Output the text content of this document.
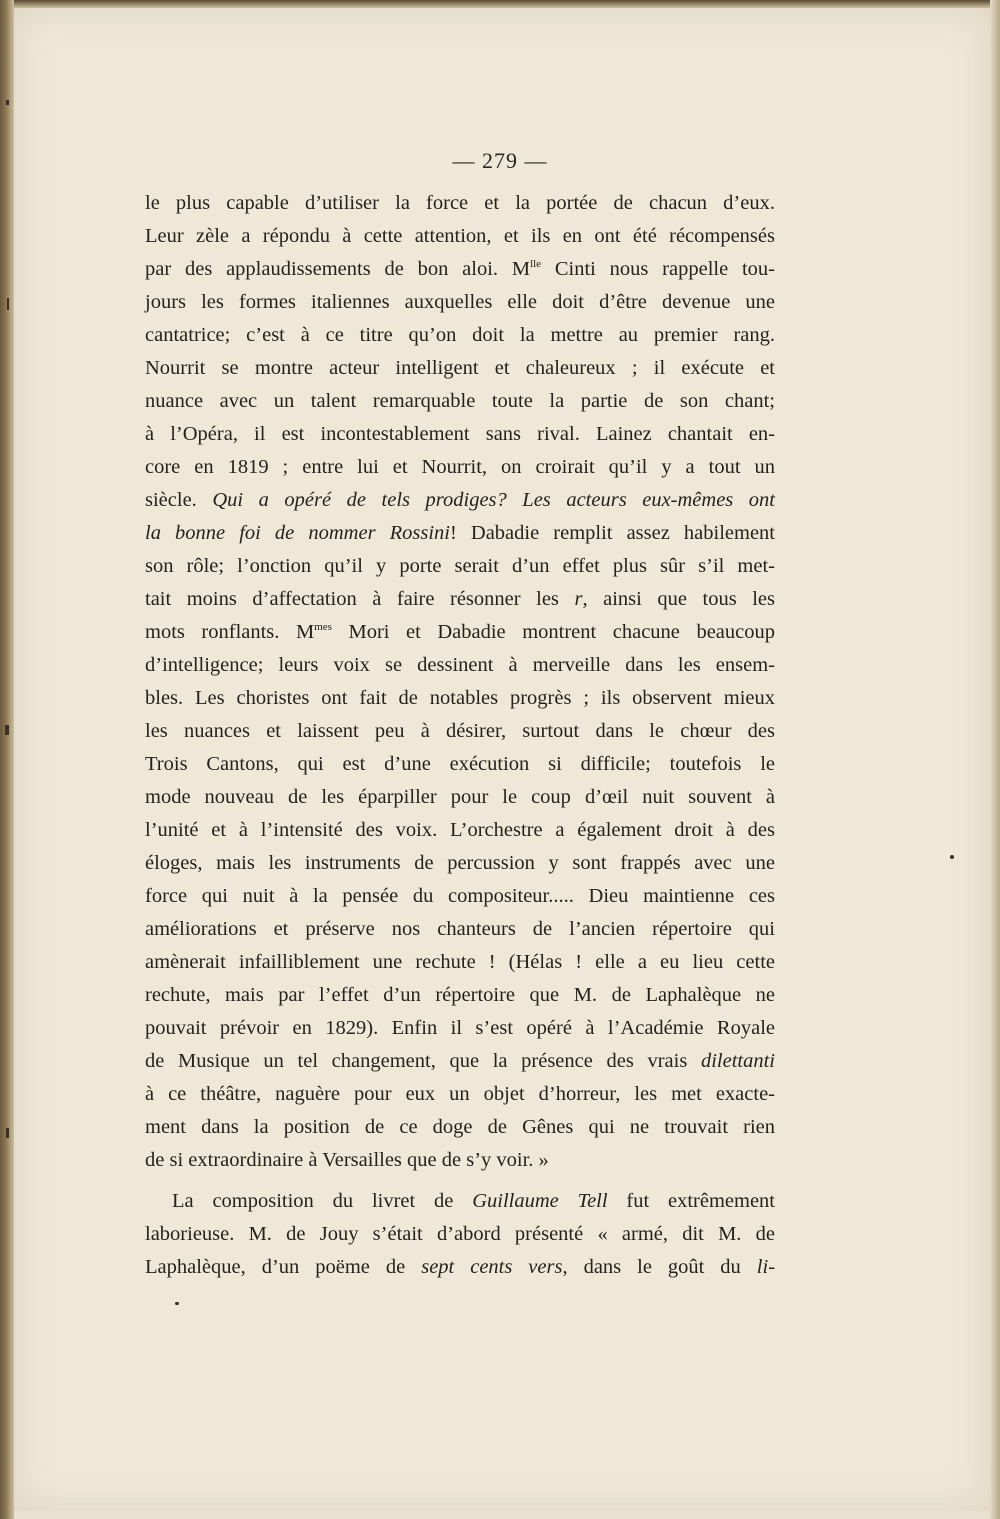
— 279 —
le plus capable d’utiliser la force et la portée de chacun d’eux.
Leur zèle a répondu à cette attention, et ils en ont été récompensés
par des applaudissements de bon aloi. $M^{lle}$ Cinti nous rappelle tou-
jours les formes italiennes auxquelles elle doit d’être devenue une
cantatrice; c’est à ce titre qu’on doit la mettre au premier rang.
Nourrit se montre acteur intelligent et chaleureux ; il exécute et
nuance avec un talent remarquable toute la partie de son chant;
à l’Opéra, il est incontestablement sans rival. Lainez chantait en-
core en 1819 ; entre lui et Nourrit, on croirait qu’il y a tout un
siècle. Qui a opéré de tels prodiges? Les acteurs eux-mêmes ont
la bonne foi de nommer Rossini! Dabadie remplit assez habilement
son rôle; l’onction qu’il y porte serait d’un effet plus sûr s’il met-
tait moins d’affectation à faire résonner les r, ainsi que tous les
mots ronflants. $M^{mes}$ Mori et Dabadie montrent chacune beaucoup
d’intelligence; leurs voix se dessinent à merveille dans les ensem-
bles. Les choristes ont fait de notables progrès ; ils observent mieux
les nuances et laissent peu à désirer, surtout dans le chœur des
Trois Cantons, qui est d’une exécution si difficile; toutefois le
mode nouveau de les éparpiller pour le coup d’œil nuit souvent à
l’unité et à l’intensité des voix. L’orchestre a également droit à des
éloges, mais les instruments de percussion y sont frappés avec une
force qui nuit à la pensée du compositeur..... Dieu maintienne ces
améliorations et préserve nos chanteurs de l’ancien répertoire qui
amènerait infailliblement une rechute ! (Hélas ! elle a eu lieu cette
rechute, mais par l’effet d’un répertoire que M. de Laphalèque ne
pouvait prévoir en 1829). Enfin il s’est opéré à l’Académie Royale
de Musique un tel changement, que la présence des vrais dilettanti
à ce théâtre, naguère pour eux un objet d’horreur, les met exacte-
ment dans la position de ce doge de Gênes qui ne trouvait rien
de si extraordinaire à Versailles que de s’y voir. »
La composition du livret de Guillaume Tell fut extrêmement
laborieuse. M. de Jouy s’était d’abord présenté « armé, dit M. de
Laphalèque, d’un poëme de sept cents vers, dans le goût du li-
